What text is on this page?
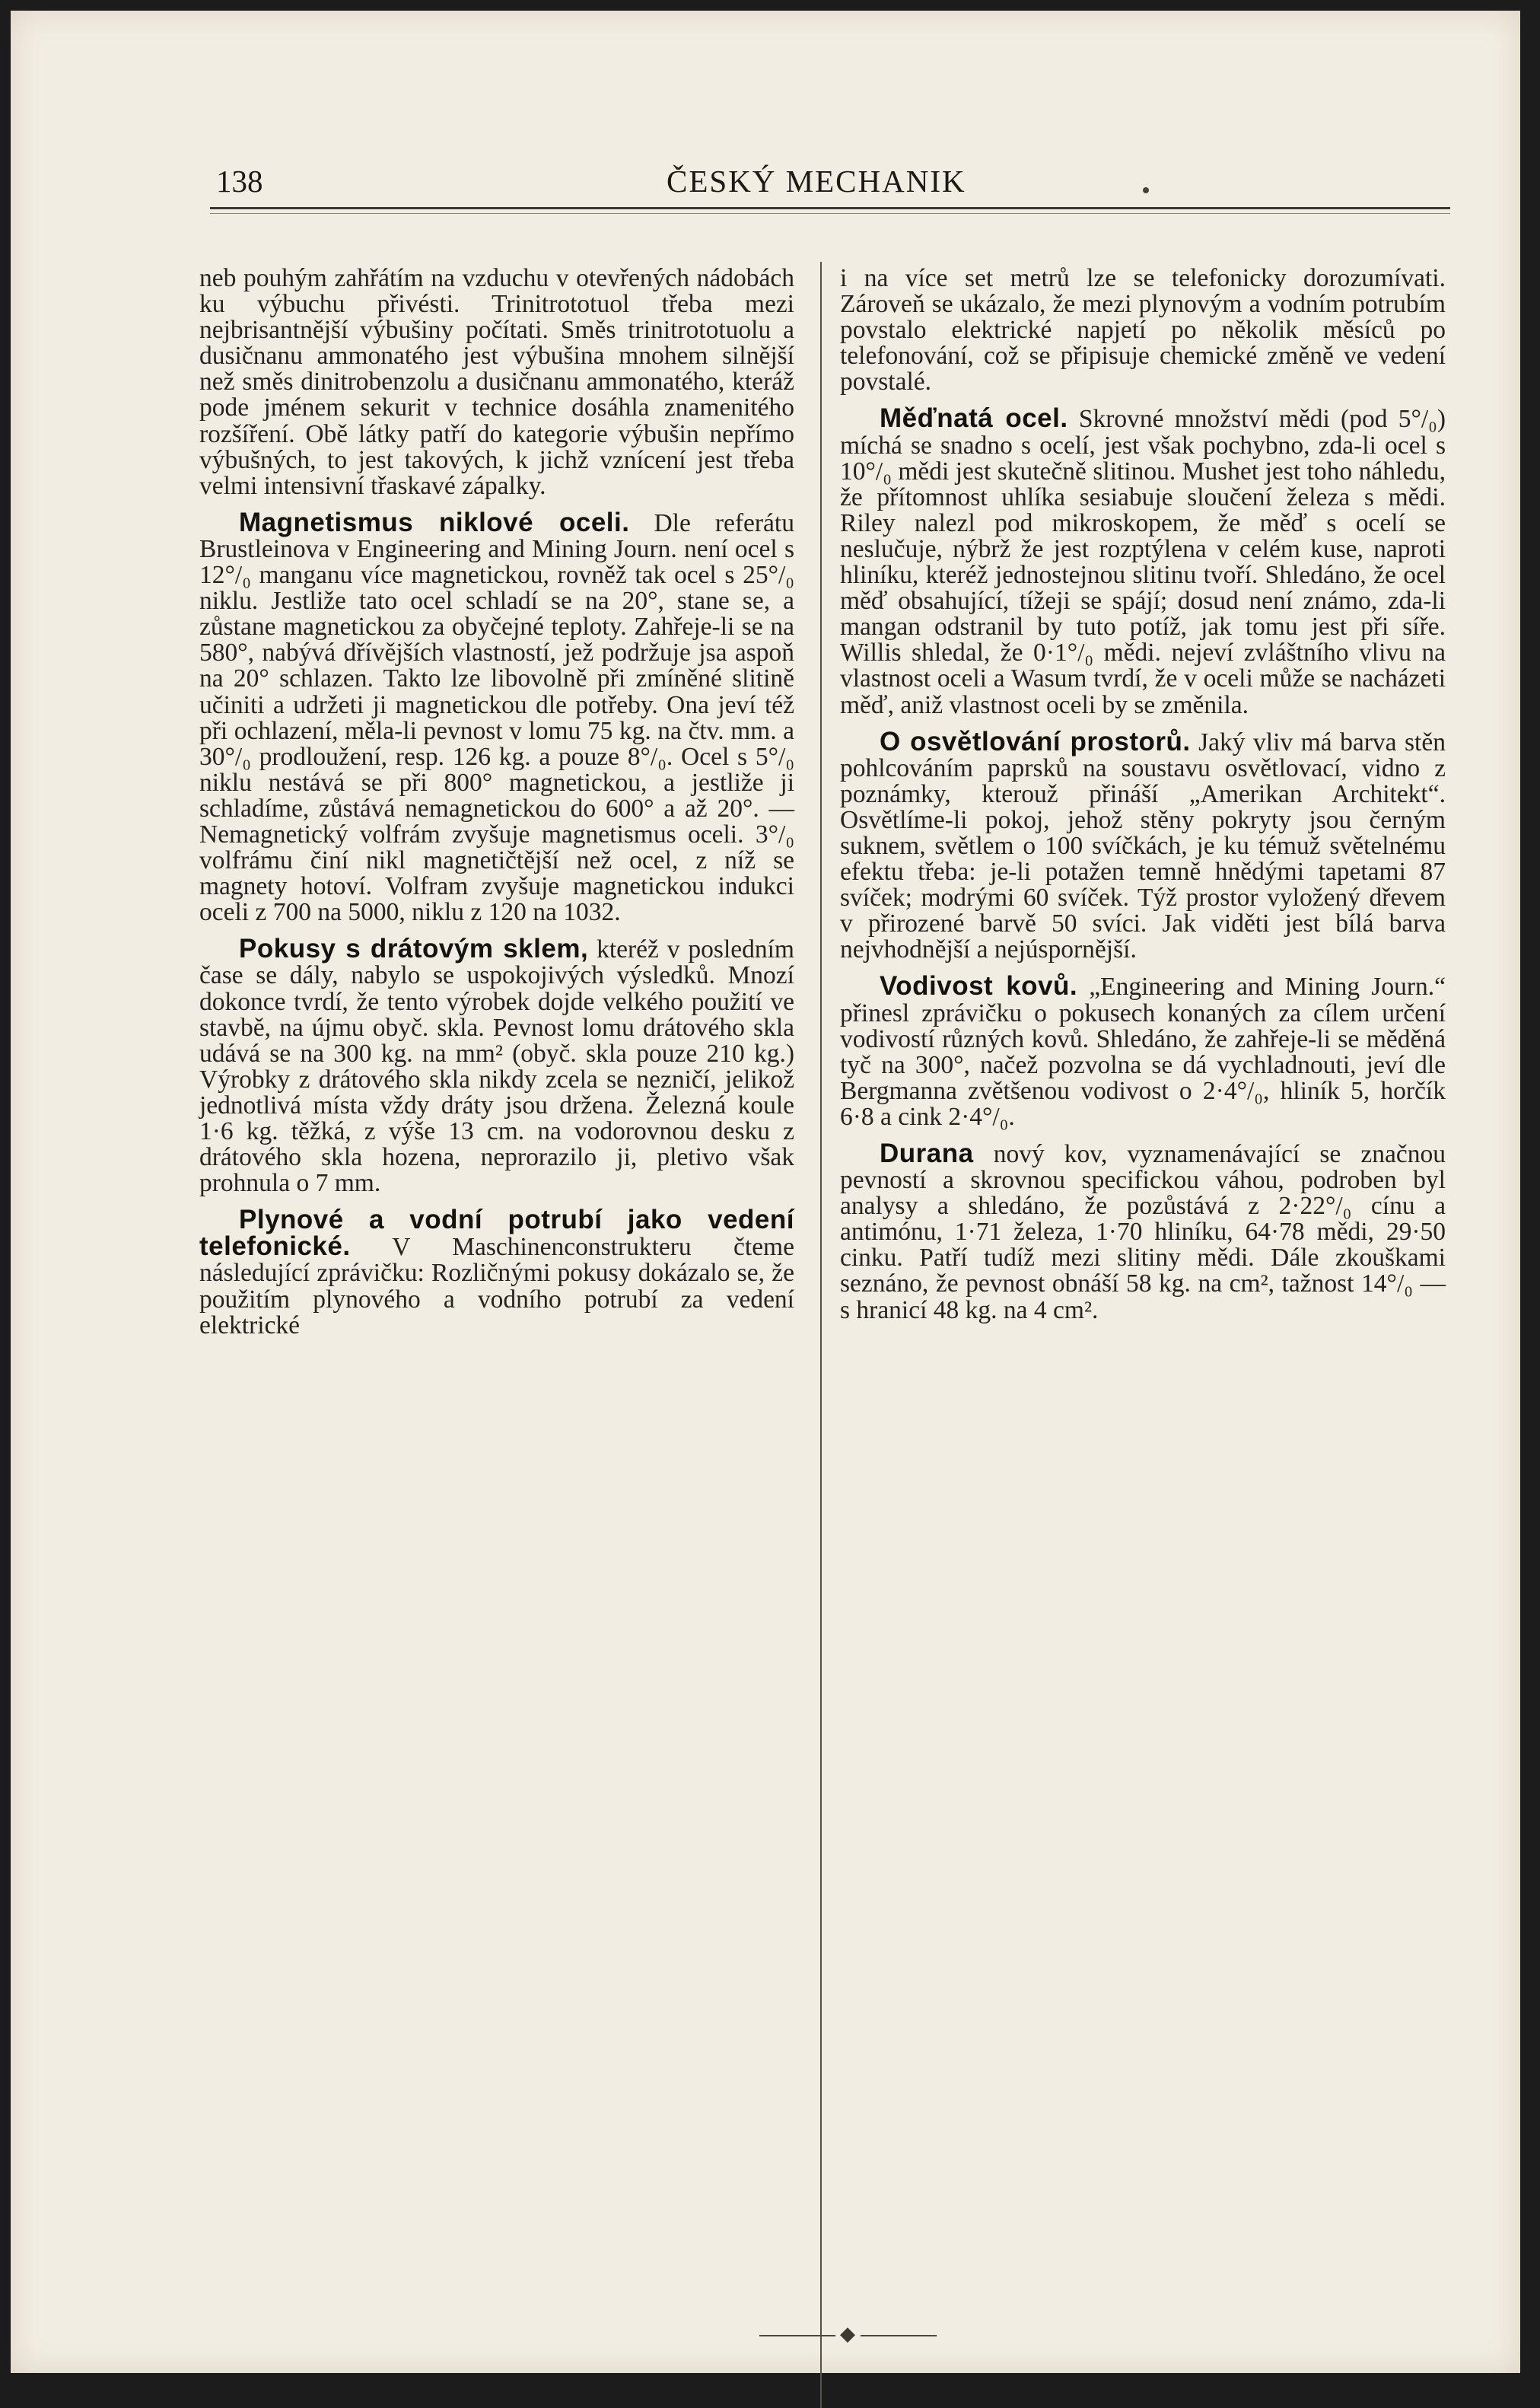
138	ČESKÝ MECHANIK

neb pouhým zahřátím na vzduchu v otevřených nádobách ku výbuchu přivésti. Trinitrototuol třeba mezi nejbrisantnější výbušiny počítati. Směs trinitrototuolu a dusičnanu ammonatého jest výbušina mnohem silnější než směs dinitrobenzolu a dusičnanu ammonatého, kteráž pode jménem sekurit v technice dosáhla znamenitého rozšíření. Obě látky patří do kategorie výbušin nepřímo výbušných, to jest takových, k jichž vznícení jest třeba velmi intensivní třaskavé zápalky.

Magnetismus niklové oceli. Dle referátu Brustleinova v Engineering and Mining Journ. není ocel s 12°/₀ manganu více magnetickou, rovněž tak ocel s 25°/₀ niklu. Jestliže tato ocel schladí se na 20°, stane se, a zůstane magnetickou za obyčejné teploty. Zahřeje-li se na 580°, nabývá dřívějších vlastností, jež podržuje jsa aspoň na 20° schlazen. Takto lze libovolně při zmíněné slitině učiniti a udržeti ji magnetickou dle potřeby. Ona jeví též při ochlazení, měla-li pevnost v lomu 75 kg. na čtv. mm. a 30°/₀ prodloužení, resp. 126 kg. a pouze 8°/₀. Ocel s 5°/₀ niklu nestává se při 800° magnetickou, a jestliže ji schladíme, zůstává nemagnetickou do 600° a až 20°. — Nemagnetický volfrám zvyšuje magnetismus oceli. 3°/₀ volfrámu činí nikl magnetičtější než ocel, z níž se magnety hotoví. Volfram zvyšuje magnetickou indukci oceli z 700 na 5000, niklu z 120 na 1032.

Pokusy s drátovým sklem, kteréž v posledním čase se dály, nabylo se uspokojivých výsledků. Mnozí dokonce tvrdí, že tento výrobek dojde velkého použití ve stavbě, na újmu obyč. skla. Pevnost lomu drátového skla udává se na 300 kg. na mm² (obyč. skla pouze 210 kg.) Výrobky z drátového skla nikdy zcela se nezničí, jelikož jednotlivá místa vždy dráty jsou držena. Železná koule 1·6 kg. těžká, z výše 13 cm. na vodorovnou desku z drátového skla hozena, neprorazilo ji, pletivo však prohnula o 7 mm.

Plynové a vodní potrubí jako vedení telefonické. V Maschinenconstrukteru čteme následující zprávičku: Rozličnými pokusy dokázalo se, že použitím plynového a vodního potrubí za vedení elektrické

i na více set metrů lze se telefonicky dorozumívati. Zároveň se ukázalo, že mezi plynovým a vodním potrubím povstalo elektrické napjetí po několik měsíců po telefonování, což se připisuje chemické změně ve vedení povstalé.

Měďnatá ocel. Skrovné množství mědi (pod 5°/₀) míchá se snadno s ocelí, jest však pochybno, zda-li ocel s 10°/₀ mědi jest skutečně slitinou. Mushet jest toho náhledu, že přítomnost uhlíka sesiabuje sloučení železa s mědi. Riley nalezl pod mikroskopem, že měď s ocelí se neslučuje, nýbrž že jest rozptýlena v celém kuse, naproti hliníku, kteréž jednostejnou slitinu tvoří. Shledáno, že ocel měď obsahující, tížeji se spájí; dosud není známo, zda-li mangan odstranil by tuto potíž, jak tomu jest při síře. Willis shledal, že 0·1°/₀ mědi. nejeví zvláštního vlivu na vlastnost oceli a Wasum tvrdí, že v oceli může se nacházeti měď, aniž vlastnost oceli by se změnila.

O osvětlování prostorů. Jaký vliv má barva stěn pohlcováním paprsků na soustavu osvětlovací, vidno z poznámky, kterouž přináší „Amerikan Architekt“. Osvětlíme-li pokoj, jehož stěny pokryty jsou černým suknem, světlem o 100 svíčkách, je ku témuž světelnému efektu třeba: je-li potažen temně hnědými tapetami 87 svíček; modrými 60 svíček. Týž prostor vyložený dřevem v přirozené barvě 50 svíci. Jak viděti jest bílá barva nejvhodnější a nejúspornější.

Vodivost kovů. „Engineering and Mining Journ.“ přinesl zprávičku o pokusech konaných za cílem určení vodivostí různých kovů. Shledáno, že zahřeje-li se měděná tyč na 300°, načež pozvolna se dá vychladnouti, jeví dle Bergmanna zvětšenou vodivost o 2·4°/₀, hliník 5, horčík 6·8 a cink 2·4°/₀.

Durana nový kov, vyznamenávající se značnou pevností a skrovnou specifickou váhou, podroben byl analysy a shledáno, že pozůstává z 2·22°/₀ cínu a antimónu, 1·71 železa, 1·70 hliníku, 64·78 mědi, 29·50 cinku. Patří tudíž mezi slitiny mědi. Dále zkouškami seznáno, že pevnost obnáší 58 kg. na cm², tažnost 14°/₀ — s hranicí 48 kg. na 4 cm².

◆
